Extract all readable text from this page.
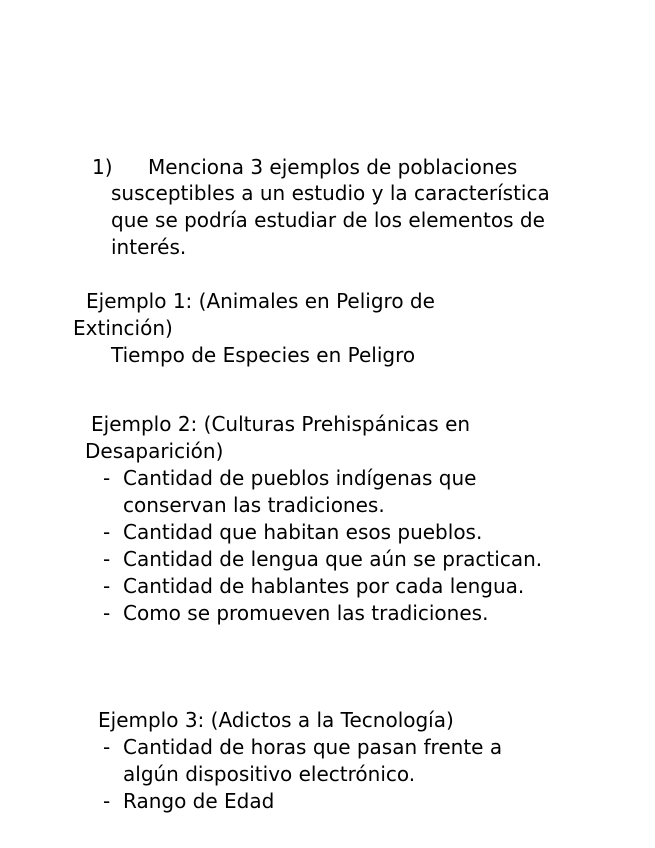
1) Menciona 3 ejemplos de poblaciones
susceptibles a un estudio y la característica
que se podría estudiar de los elementos de
interés.
Ejemplo 1: (Animales en Peligro de
Extinción)
Tiempo de Especies en Peligro
Ejemplo 2: (Culturas Prehispánicas en
Desaparición)
- Cantidad de pueblos indígenas que
conservan las tradiciones.
- Cantidad que habitan esos pueblos.
- Cantidad de lengua que aún se practican.
- Cantidad de hablantes por cada lengua.
- Como se promueven las tradiciones.
Ejemplo 3: (Adictos a la Tecnología)
- Cantidad de horas que pasan frente a
algún dispositivo electrónico.
- Rango de Edad
